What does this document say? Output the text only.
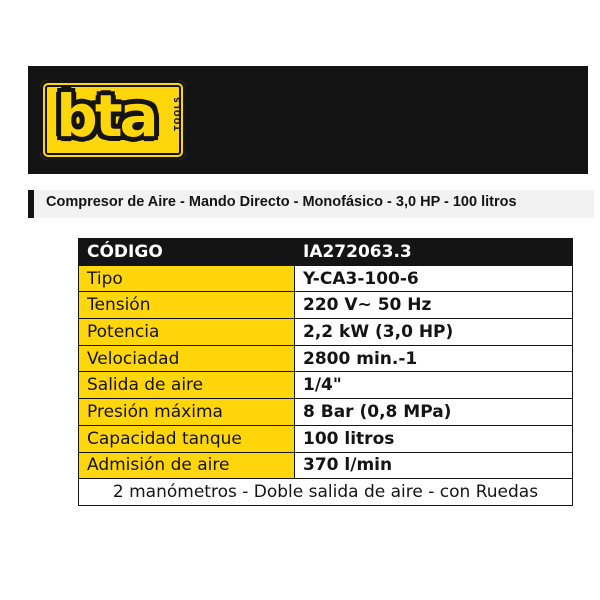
bta	TOOLS
Compresor de Aire - Mando Directo - Monofásico - 3,0 HP - 100 litros
CÓDIGO	IA272063.3
Tipo	Y-CA3-100-6
Tensión	220 V~ 50 Hz
Potencia	2,2 kW (3,0 HP)
Velociadad	2800 min.-1
Salida de aire	1/4"
Presión máxima	8 Bar (0,8 MPa)
Capacidad tanque	100 litros
Admisión de aire	370 l/min
2 manómetros - Doble salida de aire - con Ruedas	
